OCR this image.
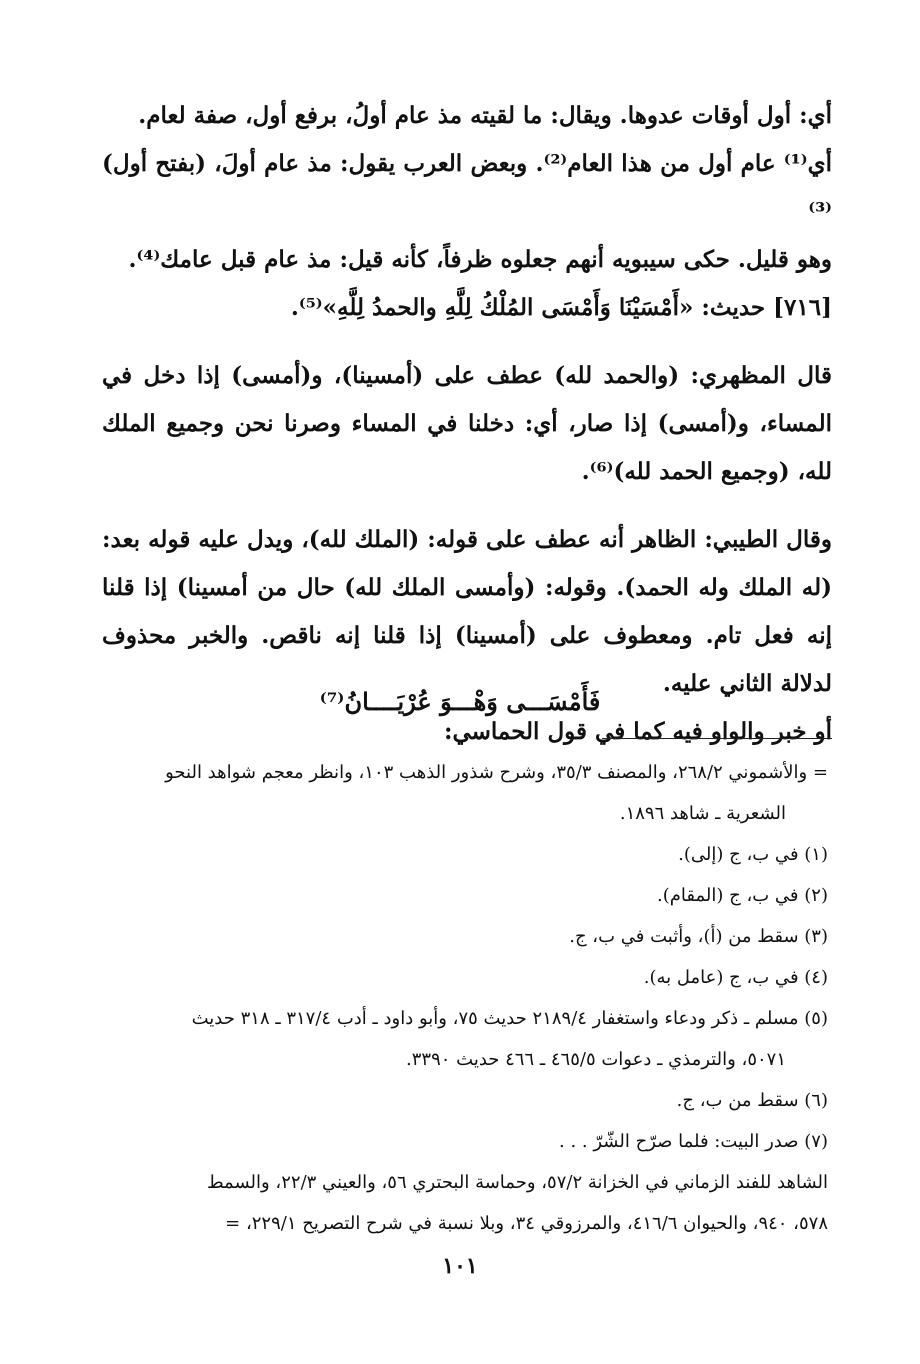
أي: أول أوقات عدوها. ويقال: ما لقيته مذ عام أولُ، برفع أول، صفة لعام.

أي⁽¹⁾ عام أول من هذا العام⁽²⁾. وبعض العرب يقول: مذ عام أولَ، (بفتح أول)⁽³⁾

وهو قليل. حكى سيبويه أنهم جعلوه ظرفاً، كأنه قيل: مذ عام قبل عامك⁽⁴⁾.

[٧١٦] حديث: «أَمْسَيْنَا وَأَمْسَى المُلْكُ لِلَّهِ والحمدُ لِلَّهِ»⁽⁵⁾.

قال المظهري: (والحمد لله) عطف على (أمسينا)، و(أمسى) إذا دخل في المساء، و(أمسى) إذا صار، أي: دخلنا في المساء وصرنا نحن وجميع الملك لله، (وجميع الحمد لله)⁽⁶⁾.

وقال الطيبي: الظاهر أنه عطف على قوله: (الملك لله)، ويدل عليه قوله بعد: (له الملك وله الحمد). وقوله: (وأمسى الملك لله) حال من أمسينا) إذا قلنا إنه فعل تام. ومعطوف على (أمسينا) إذا قلنا إنه ناقص. والخبر محذوف لدلالة الثاني عليه.

أو خبر والواو فيه كما في قول الحماسي:

فَأَمْسَـــى وَهْـــوَ عُرْيَــــانُ⁽⁷⁾

= والأشموني ٢٦٨/٢، والمصنف ٣٥/٣، وشرح شذور الذهب ١٠٣، وانظر معجم شواهد النحو

الشعرية ـ شاهد ١٨٩٦.

(١) في ب، ج (إلى).

(٢) في ب، ج (المقام).

(٣) سقط من (أ)، وأثبت في ب، ج.

(٤) في ب، ج (عامل به).

(٥) مسلم ـ ذكر ودعاء واستغفار ٢١٨٩/٤ حديث ٧٥، وأبو داود ـ أدب ٣١٧/٤ ـ ٣١٨ حديث

٥٠٧١، والترمذي ـ دعوات ٤٦٥/٥ ـ ٤٦٦ حديث ٣٣٩٠.

(٦) سقط من ب، ج.

(٧) صدر البيت: فلما صرّح الشّرّ . . .

الشاهد للفند الزماني في الخزانة ٥٧/٢، وحماسة البحتري ٥٦، والعيني ٢٢/٣، والسمط

٥٧٨، ٩٤٠، والحيوان ٤١٦/٦، والمرزوقي ٣٤، وبلا نسبة في شرح التصريح ٢٢٩/١، =

١٠١
